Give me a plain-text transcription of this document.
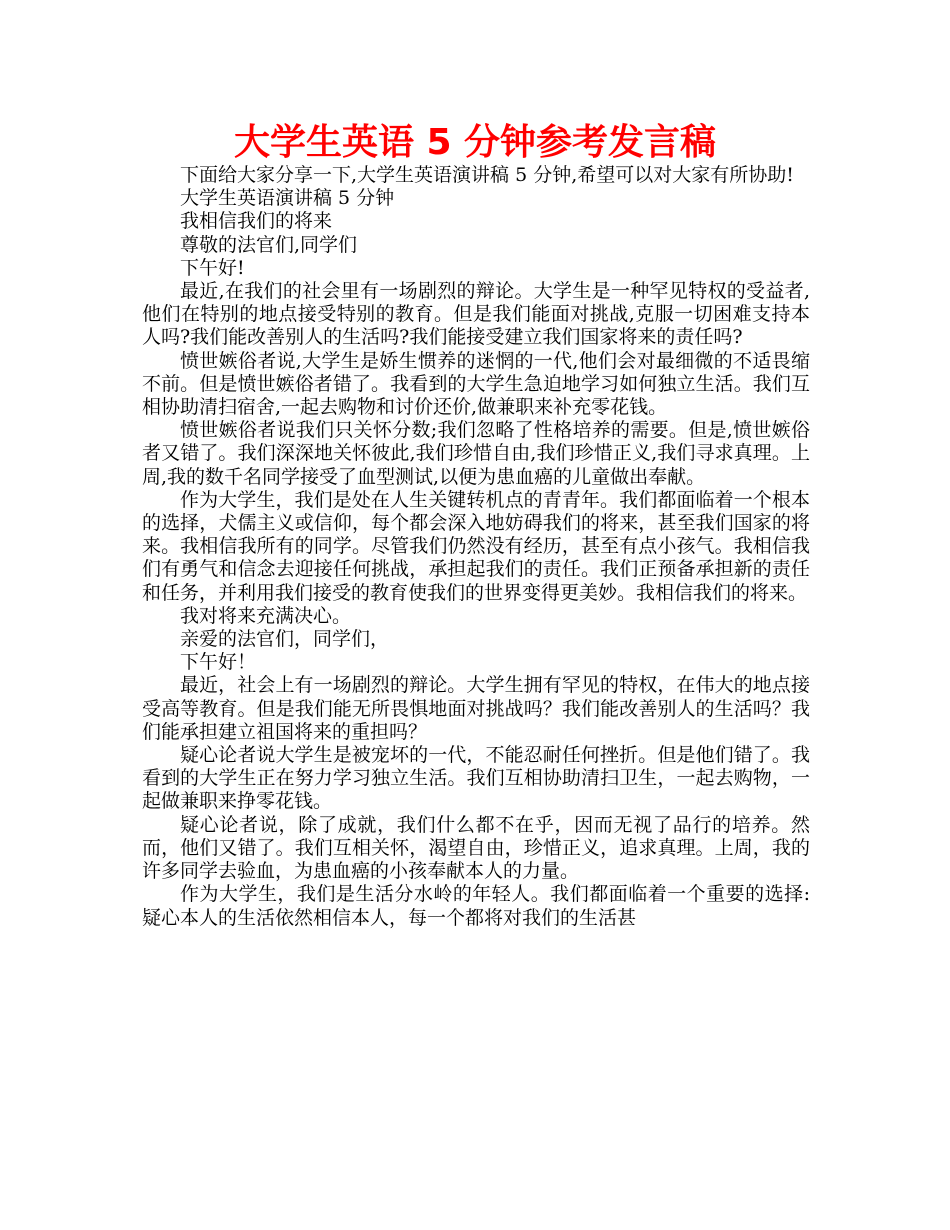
大学生英语 5 分钟参考发言稿

下面给大家分享一下,大学生英语演讲稿 5 分钟,希望可以对大家有所协助!

大学生英语演讲稿 5 分钟

我相信我们的将来

尊敬的法官们,同学们

下午好!

最近,在我们的社会里有一场剧烈的辩论。大学生是一种罕见特权的受益者,他们在特别的地点接受特别的教育。但是我们能面对挑战,克服一切困难支持本人吗?我们能改善别人的生活吗?我们能接受建立我们国家将来的责任吗?

愤世嫉俗者说,大学生是娇生惯养的迷惘的一代,他们会对最细微的不适畏缩不前。但是愤世嫉俗者错了。我看到的大学生急迫地学习如何独立生活。我们互相协助清扫宿舍,一起去购物和讨价还价,做兼职来补充零花钱。

愤世嫉俗者说我们只关怀分数;我们忽略了性格培养的需要。但是,愤世嫉俗者又错了。我们深深地关怀彼此,我们珍惜自由,我们珍惜正义,我们寻求真理。上周,我的数千名同学接受了血型测试,以便为患血癌的儿童做出奉献。

作为大学生，我们是处在人生关键转机点的青青年。我们都面临着一个根本的选择，犬儒主义或信仰，每个都会深入地妨碍我们的将来，甚至我们国家的将来。我相信我所有的同学。尽管我们仍然没有经历，甚至有点小孩气。我相信我们有勇气和信念去迎接任何挑战，承担起我们的责任。我们正预备承担新的责任和任务，并利用我们接受的教育使我们的世界变得更美妙。我相信我们的将来。

我对将来充满决心。

亲爱的法官们，同学们，

下午好！

最近，社会上有一场剧烈的辩论。大学生拥有罕见的特权，在伟大的地点接受高等教育。但是我们能无所畏惧地面对挑战吗？我们能改善别人的生活吗？我们能承担建立祖国将来的重担吗？

疑心论者说大学生是被宠坏的一代，不能忍耐任何挫折。但是他们错了。我看到的大学生正在努力学习独立生活。我们互相协助清扫卫生，一起去购物，一起做兼职来挣零花钱。

疑心论者说，除了成就，我们什么都不在乎，因而无视了品行的培养。然而，他们又错了。我们互相关怀，渴望自由，珍惜正义，追求真理。上周，我的许多同学去验血，为患血癌的小孩奉献本人的力量。

作为大学生，我们是生活分水岭的年轻人。我们都面临着一个重要的选择:疑心本人的生活依然相信本人，每一个都将对我们的生活甚
